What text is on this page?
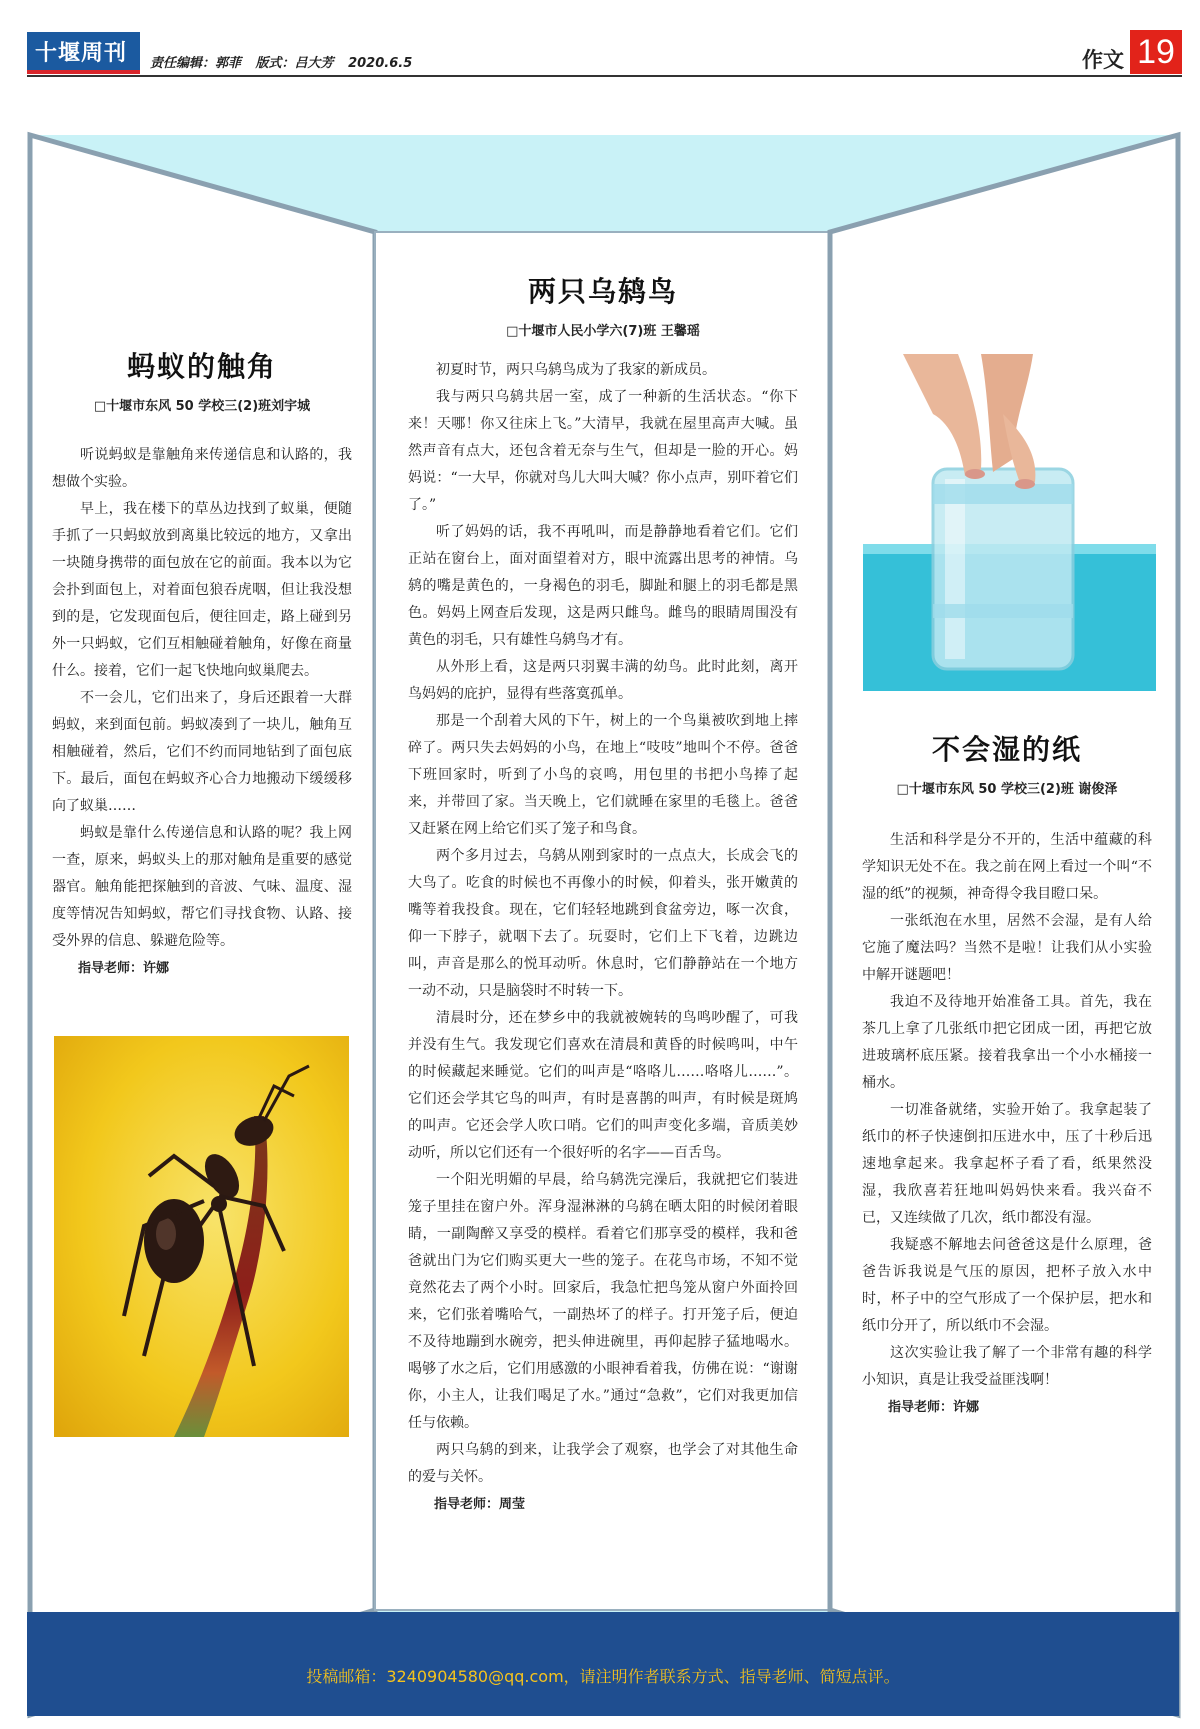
十堰周刊 责任编辑：郭菲 版式：吕大芳 2020.6.5	作文 19
蚂蚁的触角
□十堰市东风 50 学校三(2)班刘宇城

听说蚂蚁是靠触角来传递信息和认路的，我想做个实验。

早上，我在楼下的草丛边找到了蚁巢，便随手抓了一只蚂蚁放到离巢比较远的地方，又拿出一块随身携带的面包放在它的前面。我本以为它会扑到面包上，对着面包狼吞虎咽，但让我没想到的是，它发现面包后，便往回走，路上碰到另外一只蚂蚁，它们互相触碰着触角，好像在商量什么。接着，它们一起飞快地向蚁巢爬去。

不一会儿，它们出来了，身后还跟着一大群蚂蚁，来到面包前。蚂蚁凑到了一块儿，触角互相触碰着，然后，它们不约而同地钻到了面包底下。最后，面包在蚂蚁齐心合力地搬动下缓缓移向了蚁巢……

蚂蚁是靠什么传递信息和认路的呢？我上网一查，原来，蚂蚁头上的那对触角是重要的感觉器官。触角能把探触到的音波、气味、温度、湿度等情况告知蚂蚁，帮它们寻找食物、认路、接受外界的信息、躲避危险等。

指导老师：许娜
两只乌鸫鸟
□十堰市人民小学六(7)班 王馨瑶

初夏时节，两只乌鸫鸟成为了我家的新成员。

我与两只乌鸫共居一室，成了一种新的生活状态。“你下来！天哪！你又往床上飞。”大清早，我就在屋里高声大喊。虽然声音有点大，还包含着无奈与生气，但却是一脸的开心。妈妈说：“一大早，你就对鸟儿大叫大喊？你小点声，别吓着它们了。”

听了妈妈的话，我不再吼叫，而是静静地看着它们。它们正站在窗台上，面对面望着对方，眼中流露出思考的神情。乌鸫的嘴是黄色的，一身褐色的羽毛，脚趾和腿上的羽毛都是黑色。妈妈上网查后发现，这是两只雌鸟。雌鸟的眼睛周围没有黄色的羽毛，只有雄性乌鸫鸟才有。

从外形上看，这是两只羽翼丰满的幼鸟。此时此刻，离开鸟妈妈的庇护，显得有些落寞孤单。

那是一个刮着大风的下午，树上的一个鸟巢被吹到地上摔碎了。两只失去妈妈的小鸟，在地上“吱吱”地叫个不停。爸爸下班回家时，听到了小鸟的哀鸣，用包里的书把小鸟捧了起来，并带回了家。当天晚上，它们就睡在家里的毛毯上。爸爸又赶紧在网上给它们买了笼子和鸟食。

两个多月过去，乌鸫从刚到家时的一点点大，长成会飞的大鸟了。吃食的时候也不再像小的时候，仰着头，张开嫩黄的嘴等着我投食。现在，它们轻轻地跳到食盆旁边，啄一次食，仰一下脖子，就咽下去了。玩耍时，它们上下飞着，边跳边叫，声音是那么的悦耳动听。休息时，它们静静站在一个地方一动不动，只是脑袋时不时转一下。

清晨时分，还在梦乡中的我就被婉转的鸟鸣吵醒了，可我并没有生气。我发现它们喜欢在清晨和黄昏的时候鸣叫，中午的时候藏起来睡觉。它们的叫声是“咯咯儿……咯咯儿……”。它们还会学其它鸟的叫声，有时是喜鹊的叫声，有时候是斑鸠的叫声。它还会学人吹口哨。它们的叫声变化多端，音质美妙动听，所以它们还有一个很好听的名字——百舌鸟。

一个阳光明媚的早晨，给乌鸫洗完澡后，我就把它们装进笼子里挂在窗户外。浑身湿淋淋的乌鸫在晒太阳的时候闭着眼睛，一副陶醉又享受的模样。看着它们那享受的模样，我和爸爸就出门为它们购买更大一些的笼子。在花鸟市场，不知不觉竟然花去了两个小时。回家后，我急忙把鸟笼从窗户外面拎回来，它们张着嘴哈气，一副热坏了的样子。打开笼子后，便迫不及待地蹦到水碗旁，把头伸进碗里，再仰起脖子猛地喝水。喝够了水之后，它们用感激的小眼神看着我，仿佛在说：“谢谢你，小主人，让我们喝足了水。”通过“急救”，它们对我更加信任与依赖。

两只乌鸫的到来，让我学会了观察，也学会了对其他生命的爱与关怀。

指导老师：周莹
不会湿的纸
□十堰市东风 50 学校三(2)班 谢俊泽

生活和科学是分不开的，生活中蕴藏的科学知识无处不在。我之前在网上看过一个叫“不湿的纸”的视频，神奇得令我目瞪口呆。

一张纸泡在水里，居然不会湿，是有人给它施了魔法吗？当然不是啦！让我们从小实验中解开谜题吧！

我迫不及待地开始准备工具。首先，我在茶几上拿了几张纸巾把它团成一团，再把它放进玻璃杯底压紧。接着我拿出一个小水桶接一桶水。

一切准备就绪，实验开始了。我拿起装了纸巾的杯子快速倒扣压进水中，压了十秒后迅速地拿起来。我拿起杯子看了看，纸果然没湿，我欣喜若狂地叫妈妈快来看。我兴奋不已，又连续做了几次，纸巾都没有湿。

我疑惑不解地去问爸爸这是什么原理，爸爸告诉我说是气压的原因，把杯子放入水中时，杯子中的空气形成了一个保护层，把水和纸巾分开了，所以纸巾不会湿。

这次实验让我了解了一个非常有趣的科学小知识，真是让我受益匪浅啊！

指导老师：许娜
投稿邮箱：3240904580@qq.com，请注明作者联系方式、指导老师、简短点评。
